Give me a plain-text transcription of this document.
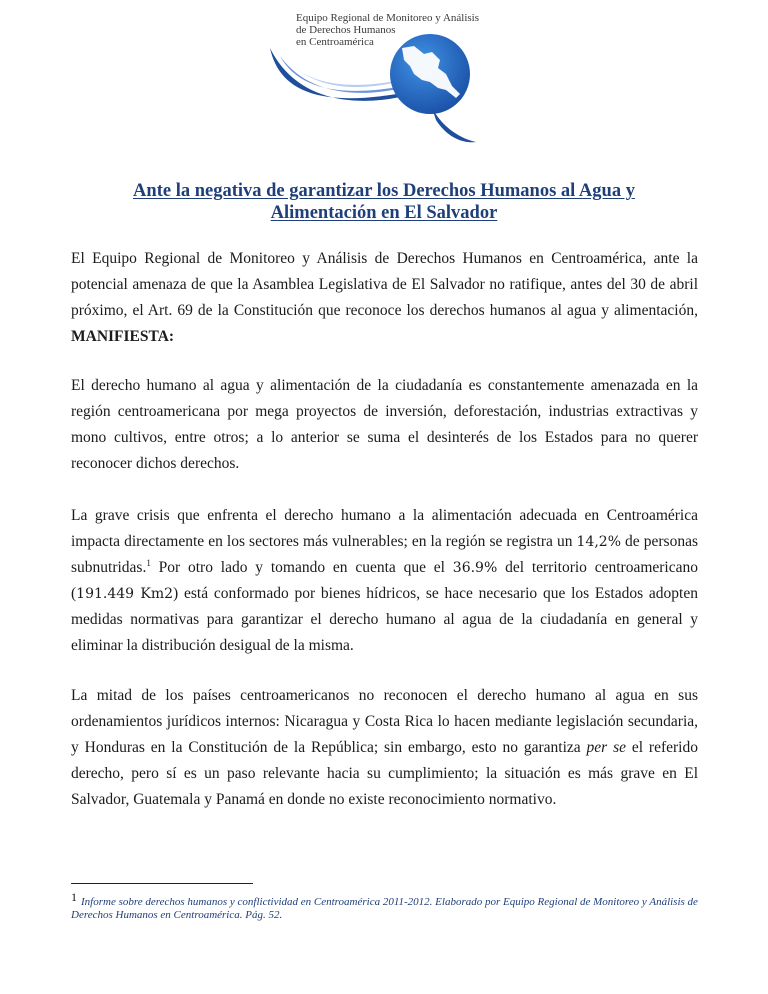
Equipo Regional de Monitoreo y Análisis
de Derechos Humanos
en Centroamérica
Ante la negativa de garantizar los Derechos Humanos al Agua y
Alimentación en El Salvador
El Equipo Regional de Monitoreo y Análisis de Derechos Humanos en Centroamérica, ante la potencial amenaza de que la Asamblea Legislativa de El Salvador no ratifique, antes del 30 de abril próximo, el Art. 69 de la Constitución que reconoce los derechos humanos al agua y alimentación, MANIFIESTA:
El derecho humano al agua y alimentación de la ciudadanía es constantemente amenazada en la región centroamericana por mega proyectos de inversión, deforestación, industrias extractivas y mono cultivos, entre otros; a lo anterior se suma el desinterés de los Estados para no querer reconocer dichos derechos.
La grave crisis que enfrenta el derecho humano a la alimentación adecuada en Centroamérica impacta directamente en los sectores más vulnerables; en la región se registra un 14,2% de personas subnutridas.$^1$ Por otro lado y tomando en cuenta que el 36.9% del territorio centroamericano (191.449 Km2) está conformado por bienes hídricos, se hace necesario que los Estados adopten medidas normativas para garantizar el derecho humano al agua de la ciudadanía en general y eliminar la distribución desigual de la misma.
La mitad de los países centroamericanos no reconocen el derecho humano al agua en sus ordenamientos jurídicos internos: Nicaragua y Costa Rica lo hacen mediante legislación secundaria, y Honduras en la Constitución de la República; sin embargo, esto no garantiza per se el referido derecho, pero sí es un paso relevante hacia su cumplimiento; la situación es más grave en El Salvador, Guatemala y Panamá en donde no existe reconocimiento normativo.
1 Informe sobre derechos humanos y conflictividad en Centroamérica 2011-2012. Elaborado por Equipo Regional de Monitoreo y Análisis de Derechos Humanos en Centroamérica. Pág. 52.
